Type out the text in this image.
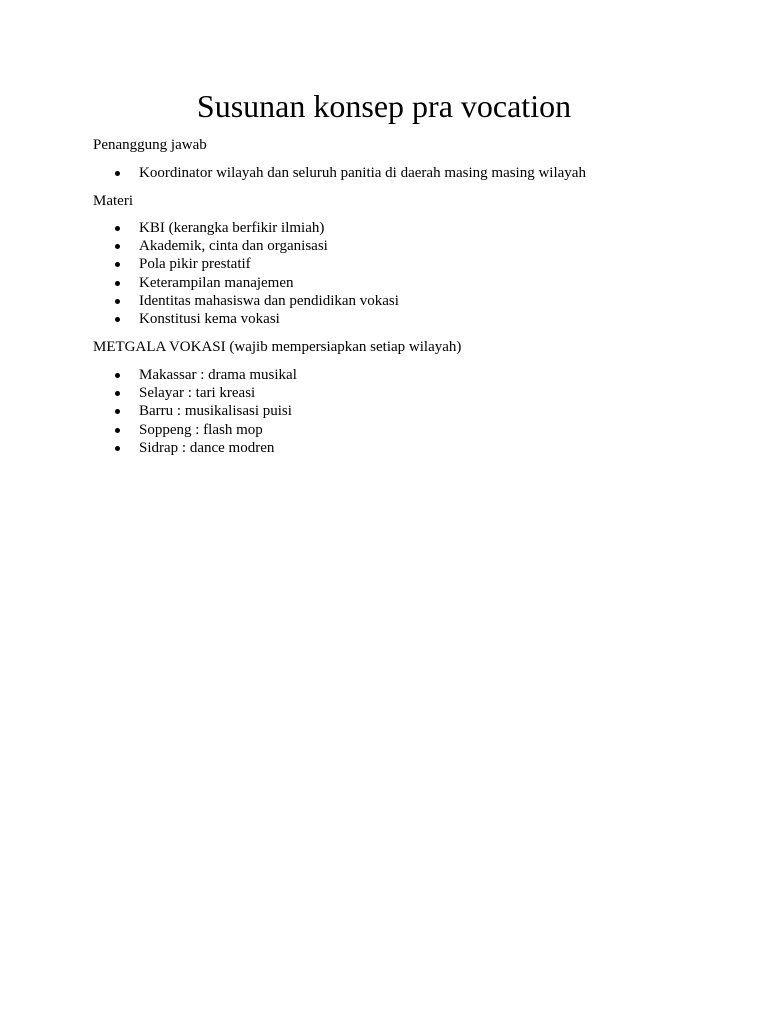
Susunan konsep pra vocation

Penanggung jawab

Koordinator wilayah dan seluruh panitia di daerah masing masing wilayah

Materi

KBI (kerangka berfikir ilmiah)
Akademik, cinta dan organisasi
Pola pikir prestatif
Keterampilan manajemen
Identitas mahasiswa dan pendidikan vokasi
Konstitusi kema vokasi

METGALA VOKASI (wajib mempersiapkan setiap wilayah)

Makassar : drama musikal
Selayar : tari kreasi
Barru : musikalisasi puisi
Soppeng : flash mop
Sidrap : dance modren
